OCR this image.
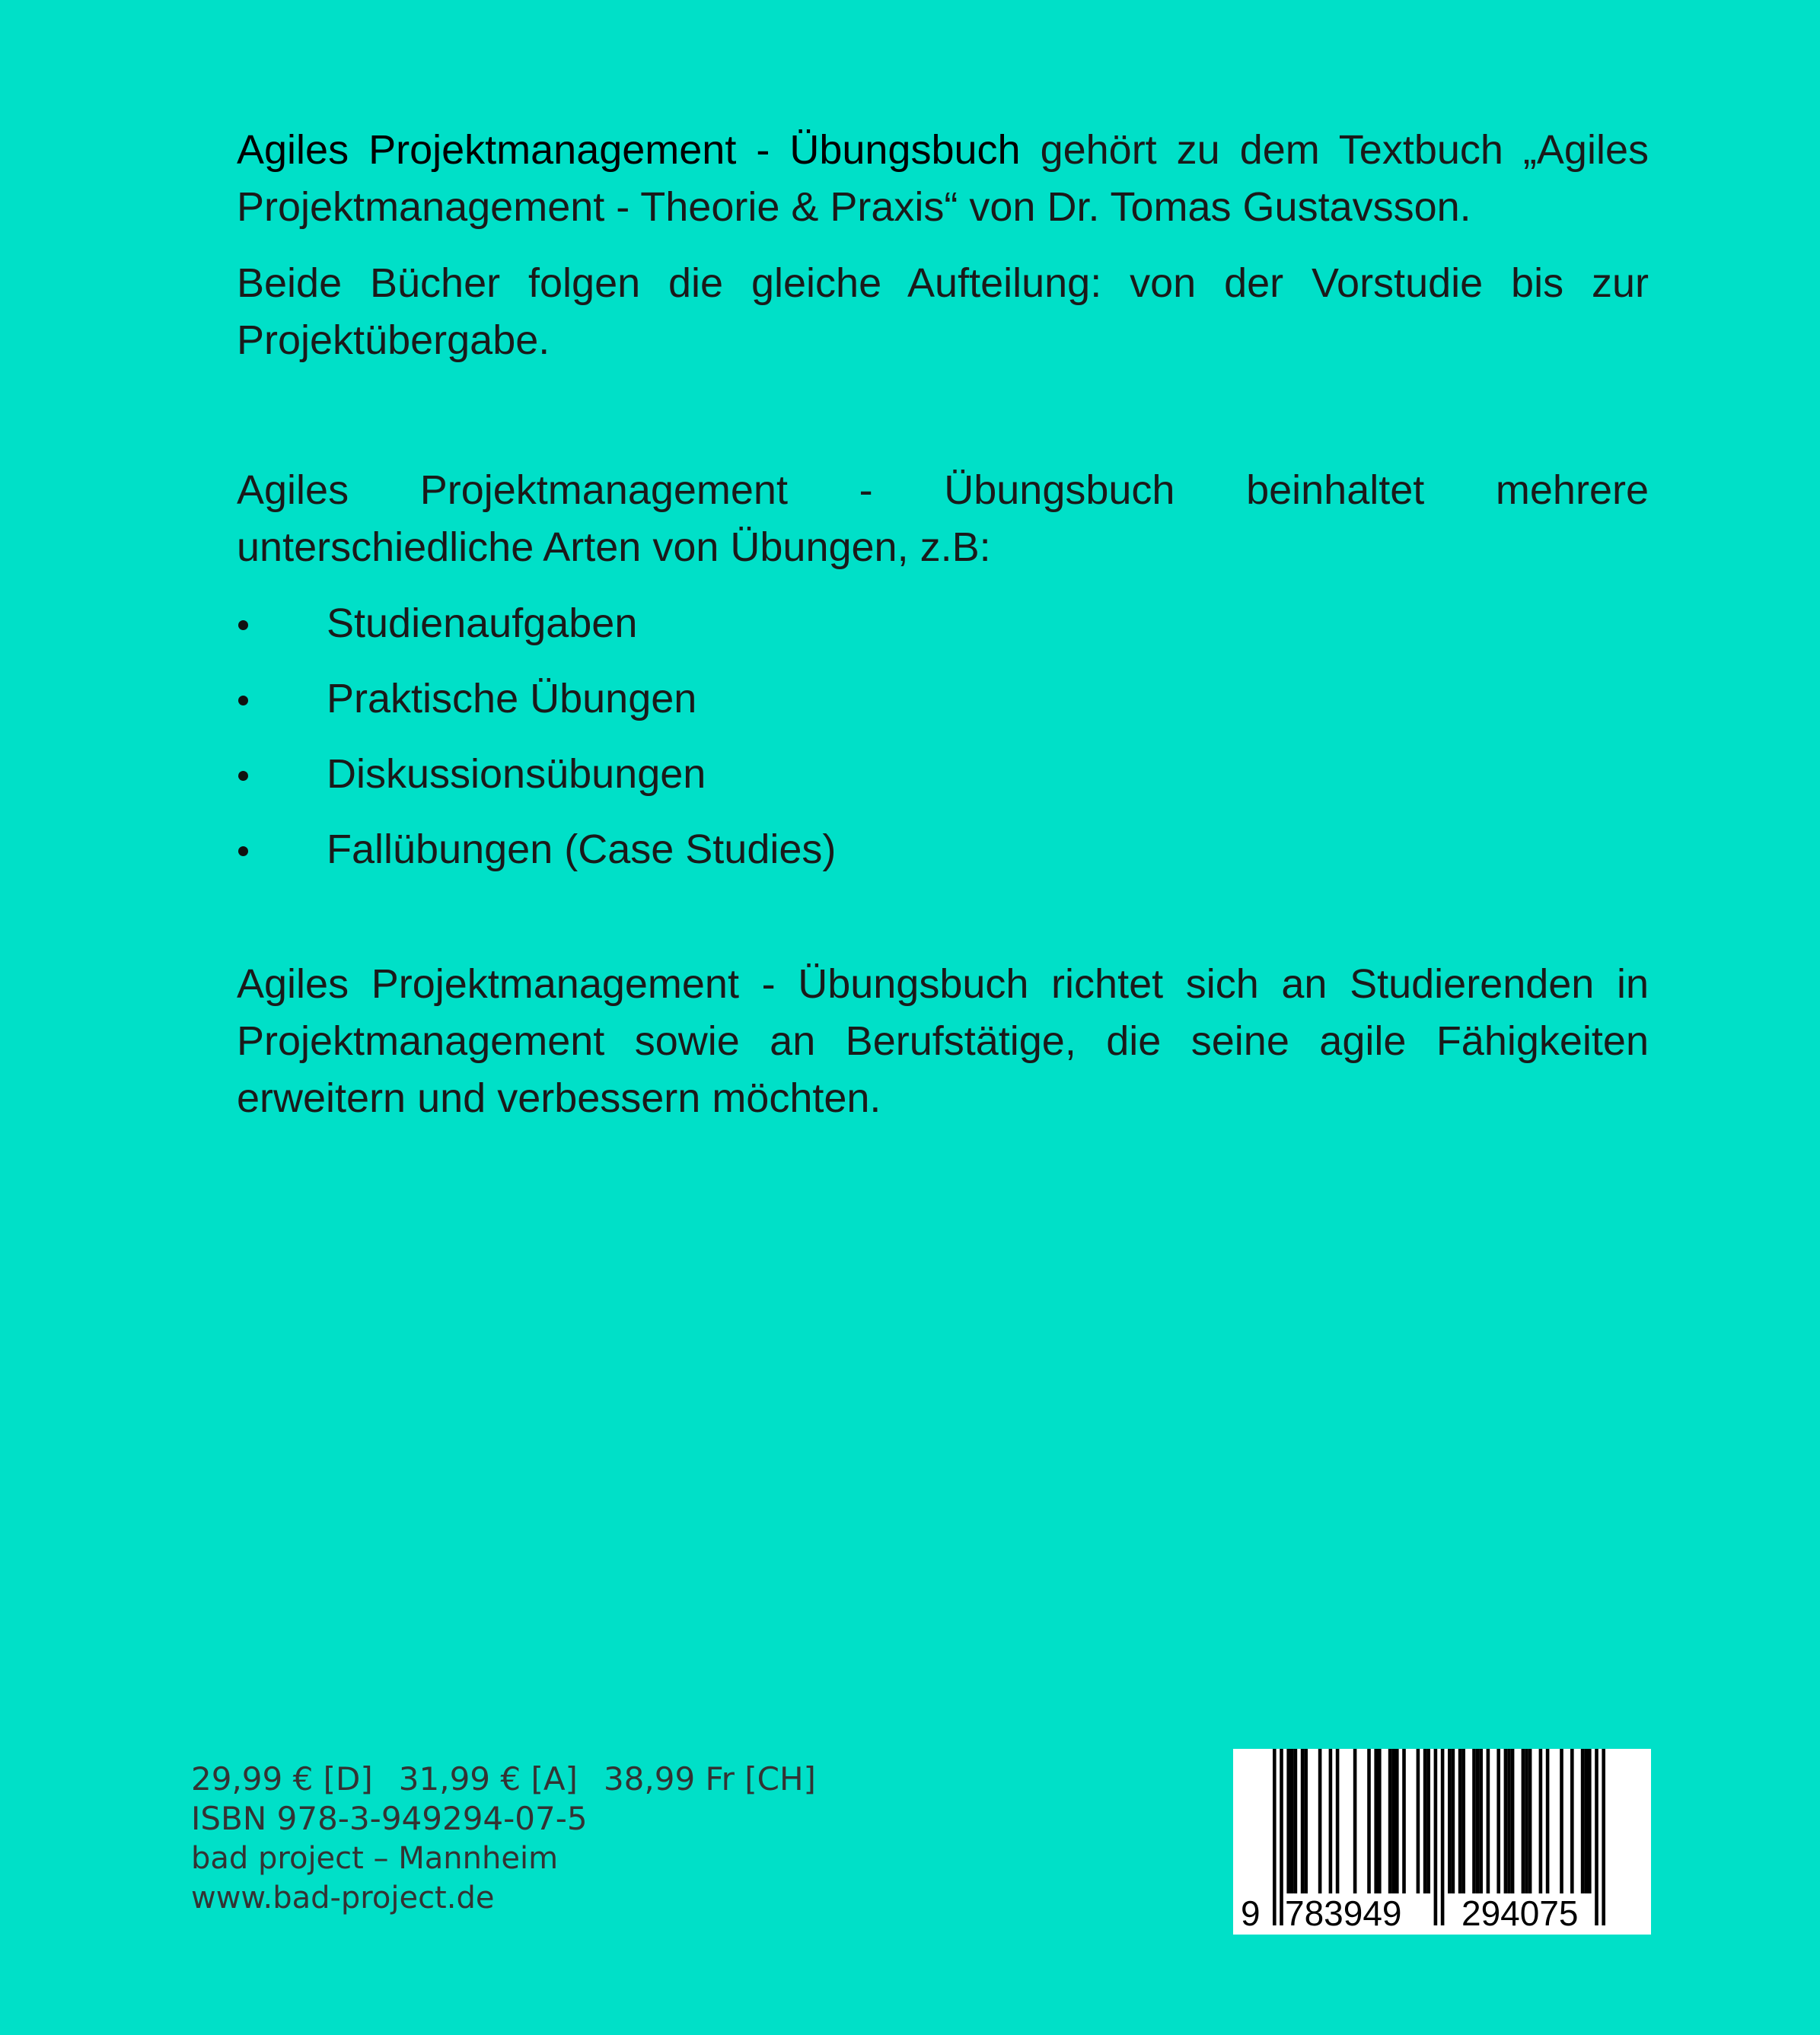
Agiles Projektmanagement - Übungsbuch gehört zu dem Textbuch „Agiles Projektmanagement - Theorie & Praxis“ von Dr. Tomas Gustavsson.

Beide Bücher folgen die gleiche Aufteilung: von der Vorstudie bis zur Projektübergabe.

Agiles Projektmanagement - Übungsbuch beinhaltet mehrere unterschiedliche Arten von Übungen, z.B:

Studienaufgaben
Praktische Übungen
Diskussionsübungen
Fallübungen (Case Studies)

Agiles Projektmanagement - Übungsbuch richtet sich an Studierenden in Projektmanagement sowie an Berufstätige, die seine agile Fähigkeiten erweitern und verbessern möchten.

29,99 € [D] 31,99 € [A] 38,99 Fr [CH]
ISBN 978-3-949294-07-5
bad project – Mannheim
www.bad-project.de	9 783949 294075
